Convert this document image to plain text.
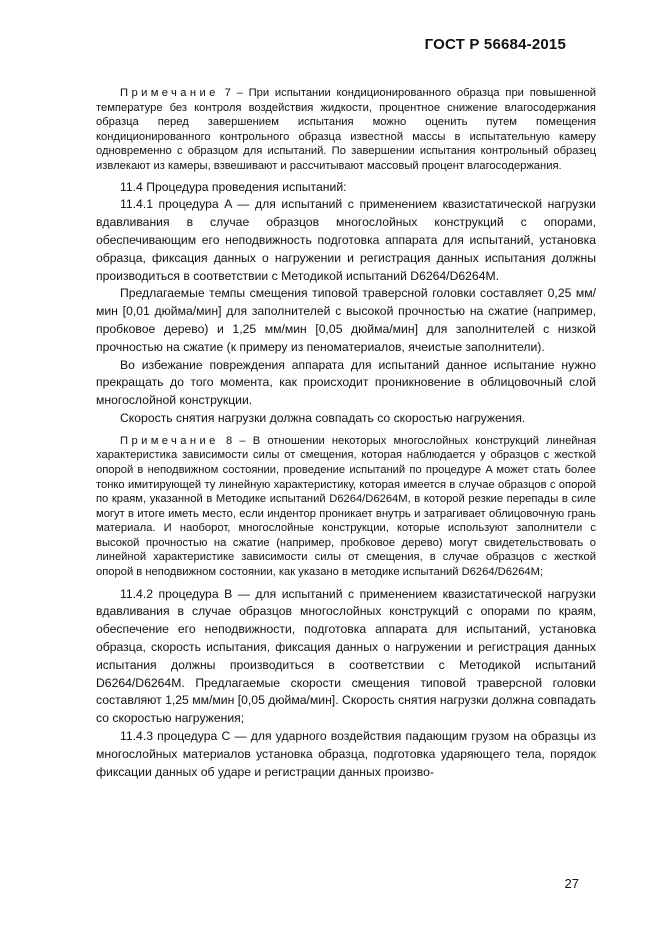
ГОСТ Р 56684-2015

Примечание 7 – При испытании кондиционированного образца при повышенной температуре без контроля воздействия жидкости, процентное снижение влагосодержания образца перед завершением испытания можно оценить путем помещения кондиционированного контрольного образца известной массы в испытательную камеру одновременно с образцом для испытаний. По завершении испытания контрольный образец извлекают из камеры, взвешивают и рассчитывают массовый процент влагосодержания.

11.4 Процедура проведения испытаний:

11.4.1 процедура A — для испытаний с применением квазистатической нагрузки вдавливания в случае образцов многослойных конструкций с опорами, обеспечивающим его неподвижность подготовка аппарата для испытаний, установка образца, фиксация данных о нагружении и регистрация данных испытания должны производиться в соответствии с Методикой испытаний D6264/D6264M.

Предлагаемые темпы смещения типовой траверсной головки составляет 0,25 мм/мин [0,01 дюйма/мин] для заполнителей с высокой прочностью на сжатие (например, пробковое дерево) и 1,25 мм/мин [0,05 дюйма/мин] для заполнителей с низкой прочностью на сжатие (к примеру из пеноматериалов, ячеистые заполнители).

Во избежание повреждения аппарата для испытаний данное испытание нужно прекращать до того момента, как происходит проникновение в облицовочный слой многослойной конструкции.

Скорость снятия нагрузки должна совпадать со скоростью нагружения.

Примечание 8 – В отношении некоторых многослойных конструкций линейная характеристика зависимости силы от смещения, которая наблюдается у образцов с жесткой опорой в неподвижном состоянии, проведение испытаний по процедуре A может стать более тонко имитирующей ту линейную характеристику, которая имеется в случае образцов с опорой по краям, указанной в Методике испытаний D6264/D6264M, в которой резкие перепады в силе могут в итоге иметь место, если индентор проникает внутрь и затрагивает облицовочную грань материала. И наоборот, многослойные конструкции, которые используют заполнители с высокой прочностью на сжатие (например, пробковое дерево) могут свидетельствовать о линейной характеристике зависимости силы от смещения, в случае образцов с жесткой опорой в неподвижном состоянии, как указано в методике испытаний D6264/D6264M;

11.4.2 процедура B — для испытаний с применением квазистатической нагрузки вдавливания в случае образцов многослойных конструкций с опорами по краям, обеспечение его неподвижности, подготовка аппарата для испытаний, установка образца, скорость испытания, фиксация данных о нагружении и регистрация данных испытания должны производиться в соответствии с Методикой испытаний D6264/D6264M. Предлагаемые скорости смещения типовой траверсной головки составляют 1,25 мм/мин [0,05 дюйма/мин]. Скорость снятия нагрузки должна совпадать со скоростью нагружения;

11.4.3 процедура C — для ударного воздействия падающим грузом на образцы из многослойных материалов установка образца, подготовка ударяющего тела, порядок фиксации данных об ударе и регистрации данных произво-

27
